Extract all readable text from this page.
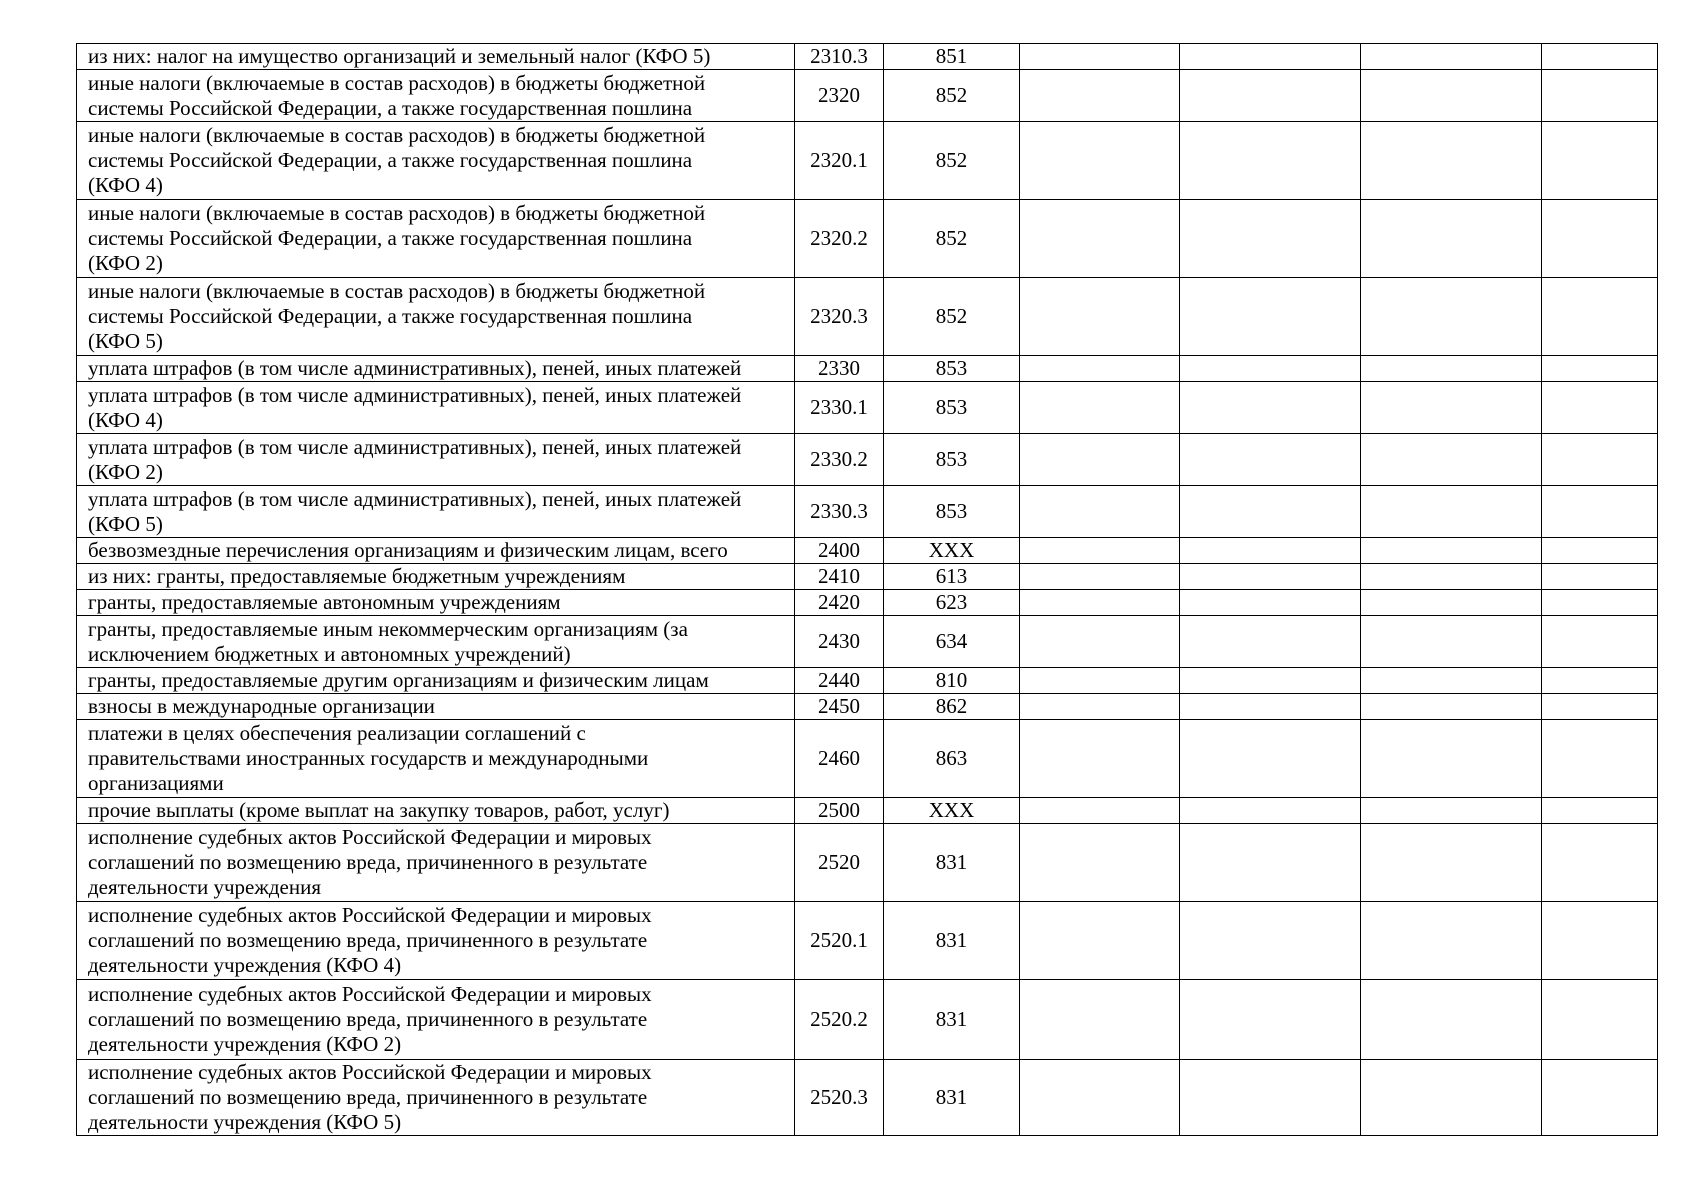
из них: налог на имущество организаций и земельный налог (КФО 5)	2310.3	851				
иные налоги (включаемые в состав расходов) в бюджеты бюджетной
системы Российской Федерации, а также государственная пошлина	2320	852				
иные налоги (включаемые в состав расходов) в бюджеты бюджетной
системы Российской Федерации, а также государственная пошлина
(КФО 4)	2320.1	852				
иные налоги (включаемые в состав расходов) в бюджеты бюджетной
системы Российской Федерации, а также государственная пошлина
(КФО 2)	2320.2	852				
иные налоги (включаемые в состав расходов) в бюджеты бюджетной
системы Российской Федерации, а также государственная пошлина
(КФО 5)	2320.3	852				
уплата штрафов (в том числе административных), пеней, иных платежей	2330	853				
уплата штрафов (в том числе административных), пеней, иных платежей
(КФО 4)	2330.1	853				
уплата штрафов (в том числе административных), пеней, иных платежей
(КФО 2)	2330.2	853				
уплата штрафов (в том числе административных), пеней, иных платежей
(КФО 5)	2330.3	853				
безвозмездные перечисления организациям и физическим лицам, всего	2400	XXX				
из них: гранты, предоставляемые бюджетным учреждениям	2410	613				
гранты, предоставляемые автономным учреждениям	2420	623				
гранты, предоставляемые иным некоммерческим организациям (за
исключением бюджетных и автономных учреждений)	2430	634				
гранты, предоставляемые другим организациям и физическим лицам	2440	810				
взносы в международные организации	2450	862				
платежи в целях обеспечения реализации соглашений с
правительствами иностранных государств и международными
организациями	2460	863				
прочие выплаты (кроме выплат на закупку товаров, работ, услуг)	2500	XXX				
исполнение судебных актов Российской Федерации и мировых
соглашений по возмещению вреда, причиненного в результате
деятельности учреждения	2520	831				
исполнение судебных актов Российской Федерации и мировых
соглашений по возмещению вреда, причиненного в результате
деятельности учреждения (КФО 4)	2520.1	831				
исполнение судебных актов Российской Федерации и мировых
соглашений по возмещению вреда, причиненного в результате
деятельности учреждения (КФО 2)	2520.2	831				
исполнение судебных актов Российской Федерации и мировых
соглашений по возмещению вреда, причиненного в результате
деятельности учреждения (КФО 5)	2520.3	831				
